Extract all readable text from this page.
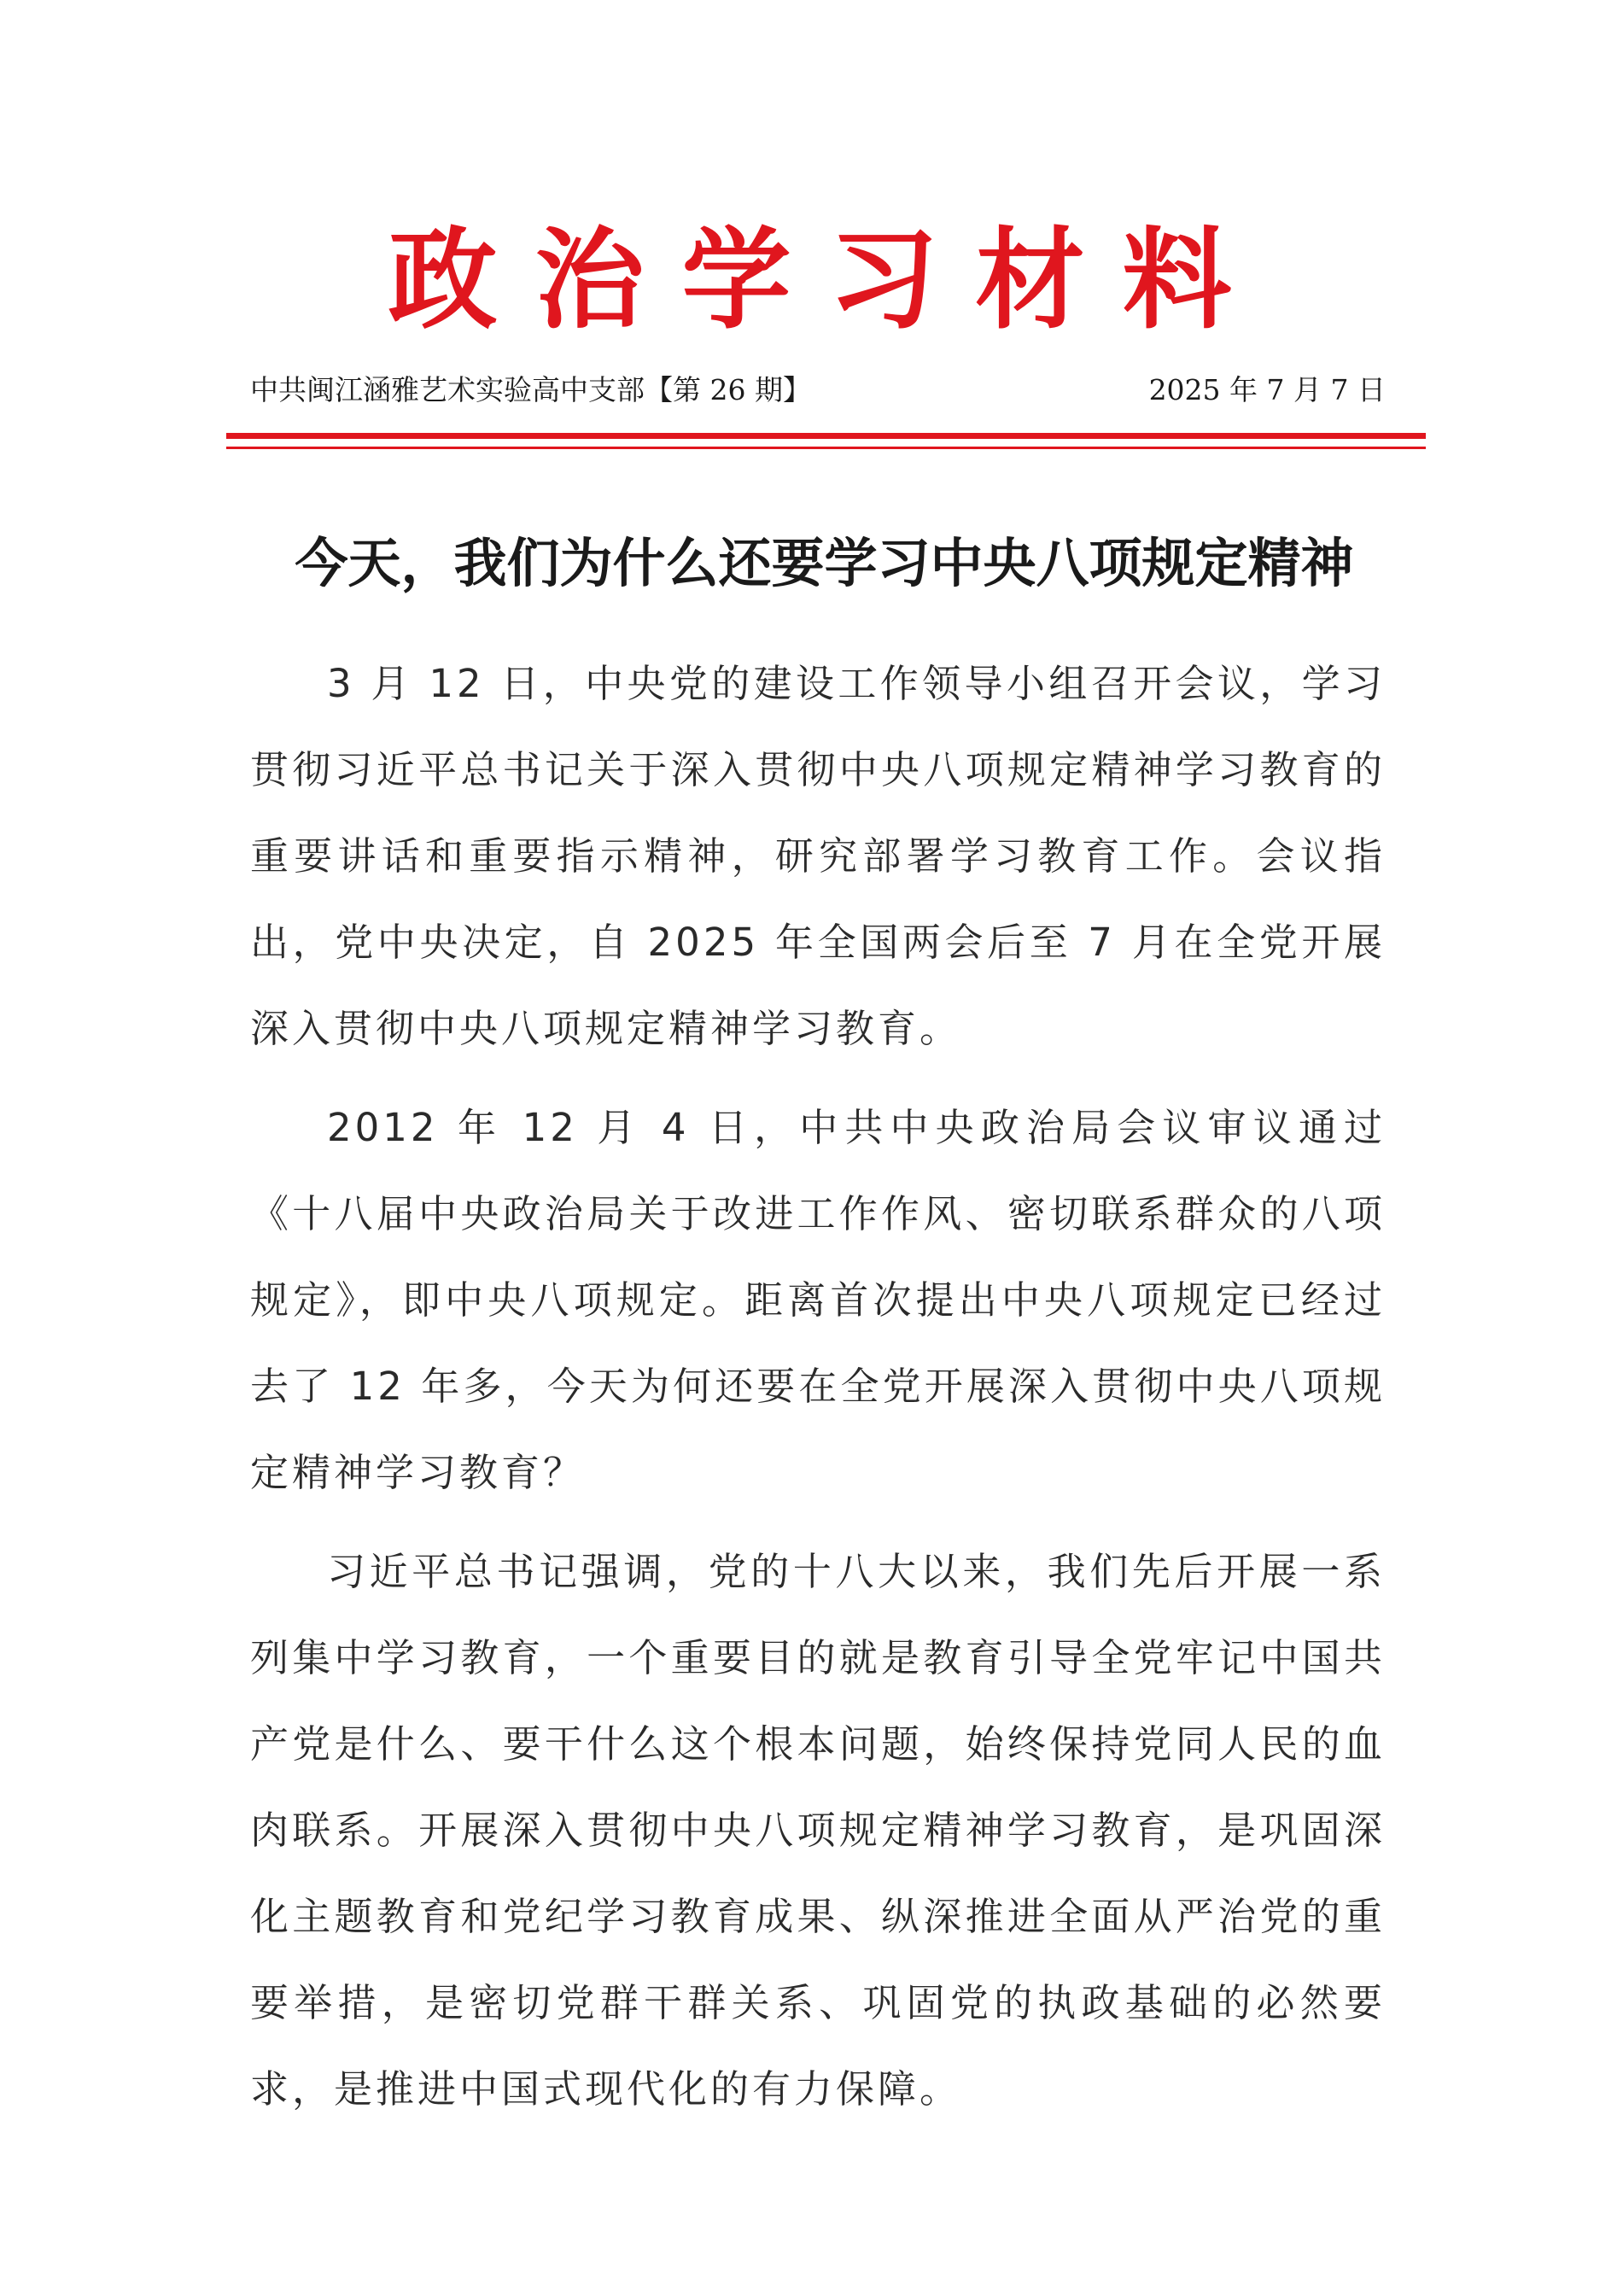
政治学习材料
中共闽江涵雅艺术实验高中支部【第 26 期】	2025 年 7 月 7 日
今天，我们为什么还要学习中央八项规定精神

3 月 12 日，中央党的建设工作领导小组召开会议，学习贯彻习近平总书记关于深入贯彻中央八项规定精神学习教育的重要讲话和重要指示精神，研究部署学习教育工作。会议指出，党中央决定，自 2025 年全国两会后至 7 月在全党开展深入贯彻中央八项规定精神学习教育。

2012 年 12 月 4 日，中共中央政治局会议审议通过《十八届中央政治局关于改进工作作风、密切联系群众的八项规定》，即中央八项规定。距离首次提出中央八项规定已经过去了 12 年多，今天为何还要在全党开展深入贯彻中央八项规定精神学习教育？

习近平总书记强调，党的十八大以来，我们先后开展一系列集中学习教育，一个重要目的就是教育引导全党牢记中国共产党是什么、要干什么这个根本问题，始终保持党同人民的血肉联系。开展深入贯彻中央八项规定精神学习教育，是巩固深化主题教育和党纪学习教育成果、纵深推进全面从严治党的重要举措，是密切党群干群关系、巩固党的执政基础的必然要求，是推进中国式现代化的有力保障。
